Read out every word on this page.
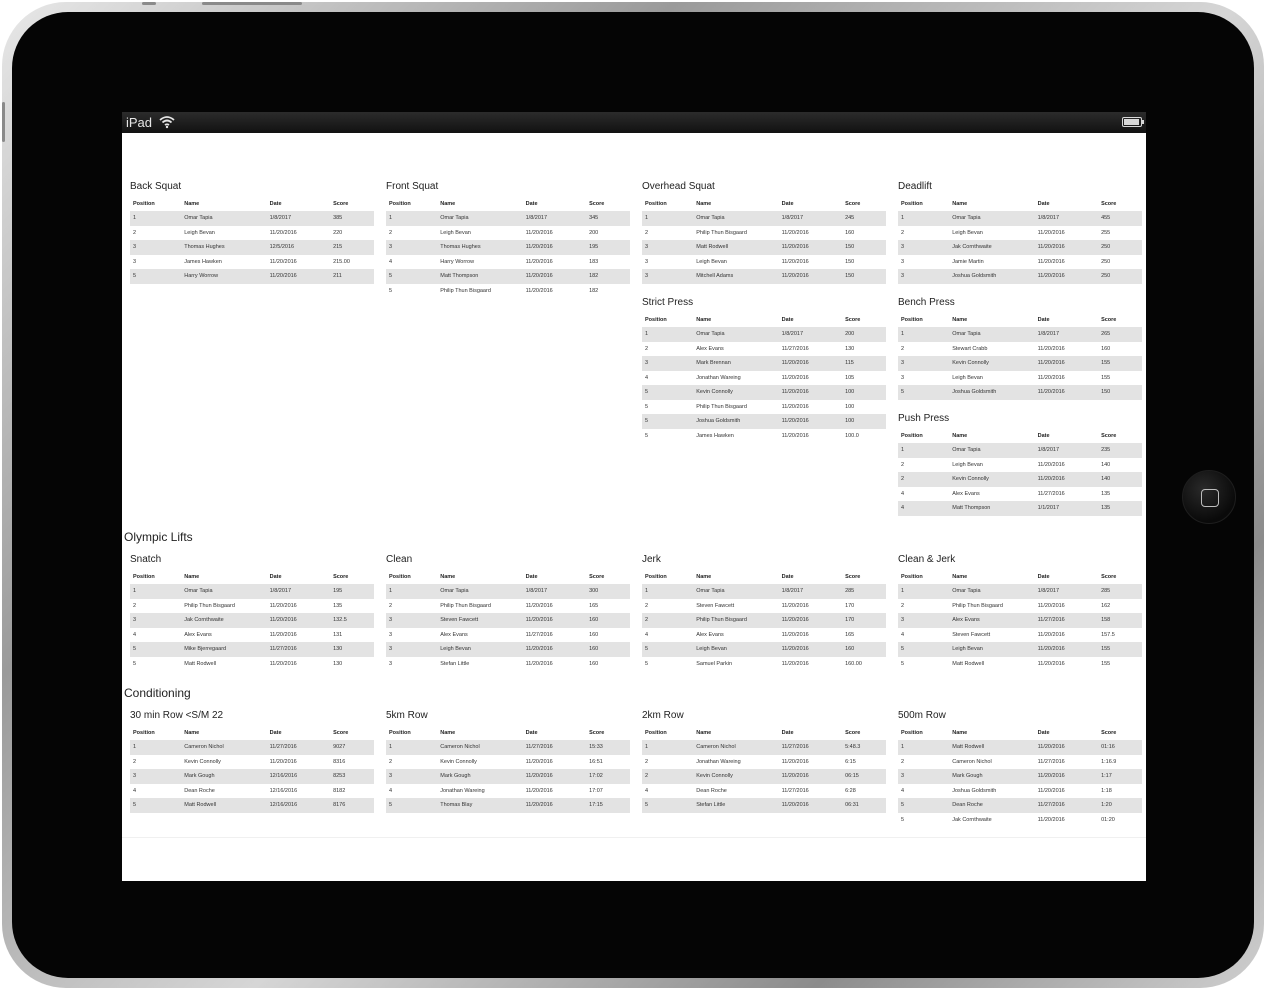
iPad
Olympic Lifts
Conditioning
Back Squat
Position	Name	Date	Score
1	Omar Tapia	1/8/2017	385
2	Leigh Bevan	11/20/2016	220
3	Thomas Hughes	12/5/2016	215
3	James Hawken	11/20/2016	215.00
5	Harry Worrow	11/20/2016	211
Front Squat
Position	Name	Date	Score
1	Omar Tapia	1/8/2017	345
2	Leigh Bevan	11/20/2016	200
3	Thomas Hughes	11/20/2016	195
4	Harry Worrow	11/20/2016	183
5	Matt Thompson	11/20/2016	182
5	Philip Thun Bisgaard	11/20/2016	182
Overhead Squat
Position	Name	Date	Score
1	Omar Tapia	1/8/2017	245
2	Philip Thun Bisgaard	11/20/2016	160
3	Matt Rodwell	11/20/2016	150
3	Leigh Bevan	11/20/2016	150
3	Mitchell Adams	11/20/2016	150
Deadlift
Position	Name	Date	Score
1	Omar Tapia	1/8/2017	455
2	Leigh Bevan	11/20/2016	255
3	Jak Cornthwaite	11/20/2016	250
3	Jamie Martin	11/20/2016	250
3	Joshua Goldsmith	11/20/2016	250
Strict Press
Position	Name	Date	Score
1	Omar Tapia	1/8/2017	200
2	Alex Evans	11/27/2016	130
3	Mark Brennan	11/20/2016	115
4	Jonathan Wareing	11/20/2016	105
5	Kevin Connolly	11/20/2016	100
5	Philip Thun Bisgaard	11/20/2016	100
5	Joshua Goldsmith	11/20/2016	100
5	James Hawken	11/20/2016	100.0
Bench Press
Position	Name	Date	Score
1	Omar Tapia	1/8/2017	265
2	Stewart Crabb	11/20/2016	160
3	Kevin Connolly	11/20/2016	155
3	Leigh Bevan	11/20/2016	155
5	Joshua Goldsmith	11/20/2016	150
Push Press
Position	Name	Date	Score
1	Omar Tapia	1/8/2017	235
2	Leigh Bevan	11/20/2016	140
2	Kevin Connolly	11/20/2016	140
4	Alex Evans	11/27/2016	135
4	Matt Thompson	1/1/2017	135
Snatch
Position	Name	Date	Score
1	Omar Tapia	1/8/2017	195
2	Philip Thun Bisgaard	11/20/2016	135
3	Jak Cornthwaite	11/20/2016	132.5
4	Alex Evans	11/20/2016	131
5	Mike Bjerregaard	11/27/2016	130
5	Matt Rodwell	11/20/2016	130
Clean
Position	Name	Date	Score
1	Omar Tapia	1/8/2017	300
2	Philip Thun Bisgaard	11/20/2016	165
3	Steven Fawcett	11/20/2016	160
3	Alex Evans	11/27/2016	160
3	Leigh Bevan	11/20/2016	160
3	Stefan Little	11/20/2016	160
Jerk
Position	Name	Date	Score
1	Omar Tapia	1/8/2017	285
2	Steven Fawcett	11/20/2016	170
2	Philip Thun Bisgaard	11/20/2016	170
4	Alex Evans	11/20/2016	165
5	Leigh Bevan	11/20/2016	160
5	Samuel Parkin	11/20/2016	160.00
Clean & Jerk
Position	Name	Date	Score
1	Omar Tapia	1/8/2017	285
2	Philip Thun Bisgaard	11/20/2016	162
3	Alex Evans	11/27/2016	158
4	Steven Fawcett	11/20/2016	157.5
5	Leigh Bevan	11/20/2016	155
5	Matt Rodwell	11/20/2016	155
30 min Row <S/M 22
Position	Name	Date	Score
1	Cameron Nichol	11/27/2016	9027
2	Kevin Connolly	11/20/2016	8316
3	Mark Gough	12/16/2016	8253
4	Dean Roche	12/16/2016	8182
5	Matt Rodwell	12/16/2016	8176
5km Row
Position	Name	Date	Score
1	Cameron Nichol	11/27/2016	15:33
2	Kevin Connolly	11/20/2016	16:51
3	Mark Gough	11/20/2016	17:02
4	Jonathan Wareing	11/20/2016	17:07
5	Thomas Blay	11/20/2016	17:15
2km Row
Position	Name	Date	Score
1	Cameron Nichol	11/27/2016	5:48.3
2	Jonathan Wareing	11/20/2016	6:15
2	Kevin Connolly	11/20/2016	06:15
4	Dean Roche	11/27/2016	6:28
5	Stefan Little	11/20/2016	06:31
500m Row
Position	Name	Date	Score
1	Matt Rodwell	11/20/2016	01:16
2	Cameron Nichol	11/27/2016	1:16.9
3	Mark Gough	11/20/2016	1:17
4	Joshua Goldsmith	11/20/2016	1:18
5	Dean Roche	11/27/2016	1:20
5	Jak Cornthwaite	11/20/2016	01:20
